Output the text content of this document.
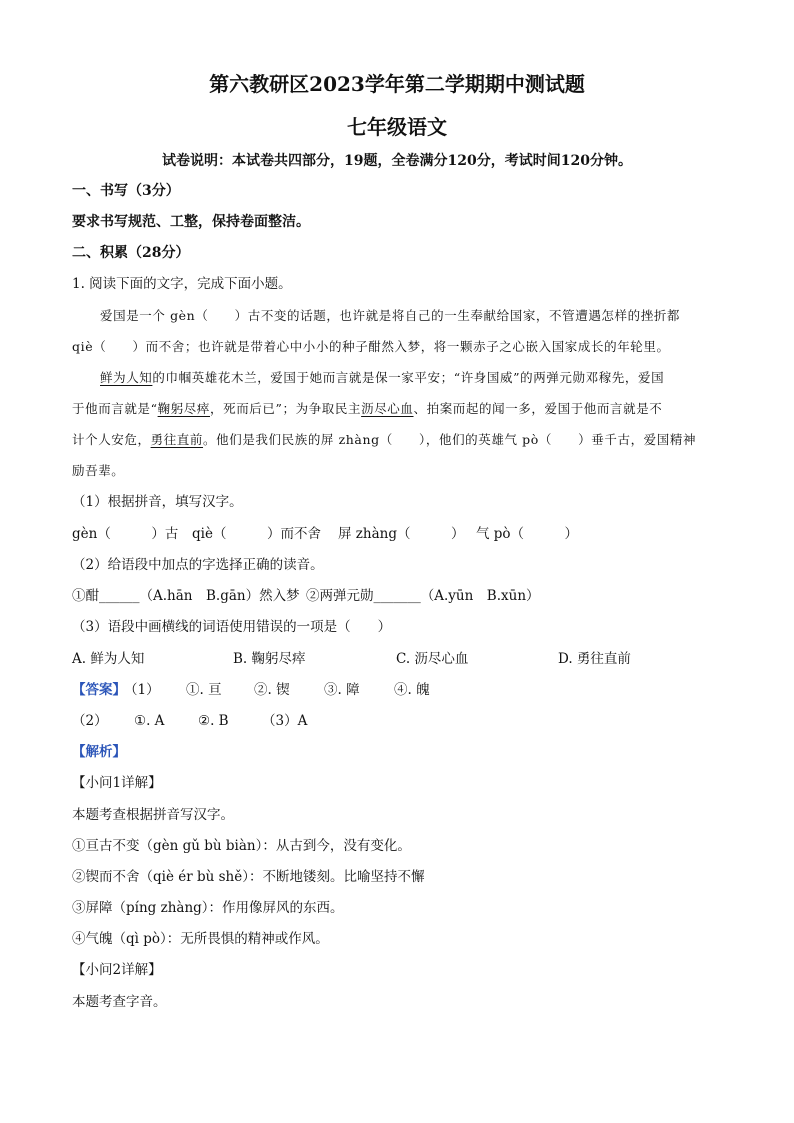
第六教研区2023学年第二学期期中测试题
七年级语文
试卷说明：本试卷共四部分，19题，全卷满分120分，考试时间120分钟。
一、书写（3分）
要求书写规范、工整，保持卷面整洁。
二、积累（28分）
1. 阅读下面的文字，完成下面小题。
爱国是一个 gèn（　　）古不变的话题，也许就是将自己的一生奉献给国家，不管遭遇怎样的挫折都
qiè（　　）而不舍；也许就是带着心中小小的种子酣然入梦，将一颗赤子之心嵌入国家成长的年轮里。
鲜为人知的巾帼英雄花木兰，爱国于她而言就是保一家平安；“许身国威”的两弹元勋邓稼先，爱国
于他而言就是“鞠躬尽瘁，死而后已”；为争取民主沥尽心血、拍案而起的闻一多，爱国于他而言就是不
计个人安危，勇往直前。他们是我们民族的屏 zhàng（　　），他们的英雄气 pò（　　）垂千古，爱国精神
励吾辈。
（1）根据拼音，填写汉字。
gèn（　　　）古 qiè（　　　）而不舍 屏 zhàng（　　　） 气 pò（　　　）
（2）给语段中加点的字选择正确的读音。
①酣______（A.hān　B.gān）然入梦 ②两弹元勋_______（A.yūn　B.xūn）
（3）语段中画横线的词语使用错误的一项是（　　）
A. 鲜为人知	B. 鞠躬尽瘁	C. 沥尽心血	D. 勇往直前
【答案】
（1） ①. 亘 ②. 锲	③. 障	④. 魄
（2） ①. A ②. B （3）A
【解析】
【小问1详解】
本题考查根据拼音写汉字。
①亘古不变（gèn gǔ bù biàn）：从古到今，没有变化。
②锲而不舍（qiè ér bù shě）：不断地镂刻。比喻坚持不懈
③屏障（píng zhàng）：作用像屏风的东西。
④气魄（qì pò）：无所畏惧的精神或作风。
【小问2详解】
本题考查字音。
